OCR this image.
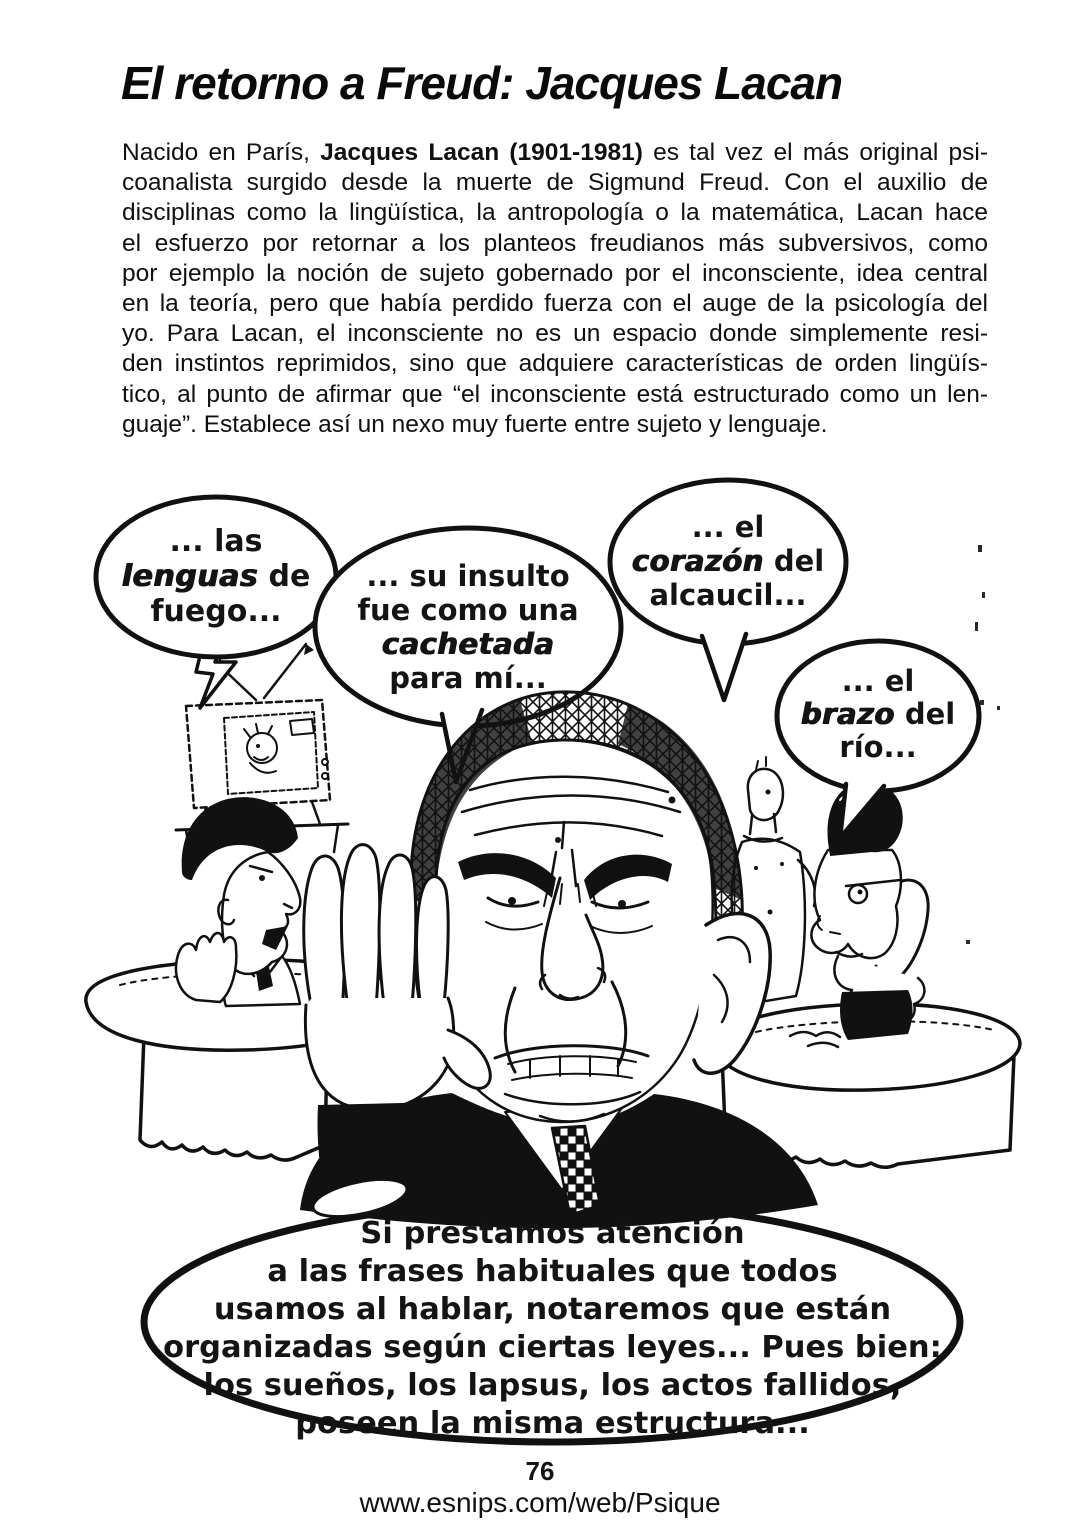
El retorno a Freud: Jacques Lacan
Nacido en París, Jacques Lacan (1901-1981) es tal vez el más original psi-
coanalista surgido desde la muerte de Sigmund Freud. Con el auxilio de
disciplinas como la lingüística, la antropología o la matemática, Lacan hace
el esfuerzo por retornar a los planteos freudianos más subversivos, como
por ejemplo la noción de sujeto gobernado por el inconsciente, idea central
en la teoría, pero que había perdido fuerza con el auge de la psicología del
yo. Para Lacan, el inconsciente no es un espacio donde simplemente resi-
den instintos reprimidos, sino que adquiere características de orden lingüís-
tico, al punto de afirmar que “el inconsciente está estructurado como un len-
guaje”. Establece así un nexo muy fuerte entre sujeto y lenguaje.
... las
lenguas de
fuego...
... su insulto
fue como una
cachetada
para mí...
... el
corazón del
alcaucil...
... el
brazo del
río...
Si prestamos atención
a las frases habituales que todos
usamos al hablar, notaremos que están
organizadas según ciertas leyes... Pues bien:
los sueños, los lapsus, los actos fallidos,
poseen la misma estructura...
76
www.esnips.com/web/Psique
